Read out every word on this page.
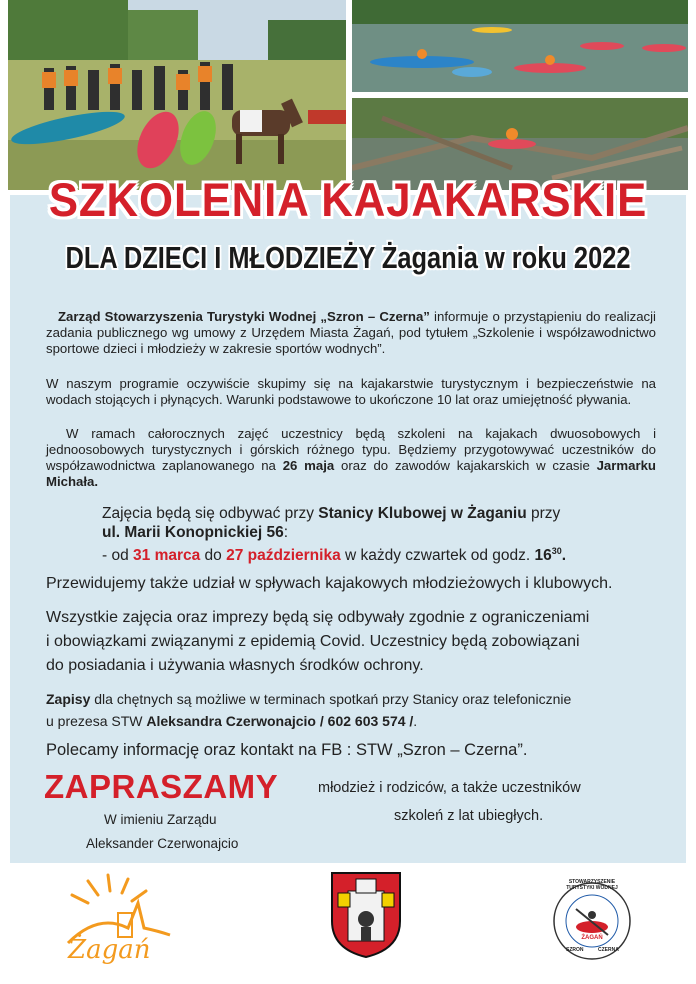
SZKOLENIA KAJAKARSKIE
DLA DZIECI I MŁODZIEŻY Żagania w roku 2022
Zarząd Stowarzyszenia Turystyki Wodnej „Szron – Czerna” informuje o przystąpieniu do realizacji zadania publicznego wg umowy z Urzędem Miasta Żagań, pod tytułem „Szkolenie i współzawodnictwo sportowe dzieci i młodzieży w zakresie sportów wodnych”.
W naszym programie oczywiście skupimy się na kajakarstwie turystycznym i bezpieczeństwie na wodach stojących i płynących. Warunki podstawowe to ukończone 10 lat oraz umiejętność pływania.
W ramach całorocznych zajęć uczestnicy będą szkoleni na kajakach dwuosobowych i jednoosobowych turystycznych i górskich różnego typu. Będziemy przygotowywać uczestników do współzawodnictwa zaplanowanego na 26 maja oraz do zawodów kajakarskich w czasie Jarmarku Michała.
Zajęcia będą się odbywać przy Stanicy Klubowej w Żaganiu przy
ul. Marii Konopnickiej 56:
- od 31 marca do 27 października w każdy czwartek od godz. $16^{30}$.
Przewidujemy także udział w spływach kajakowych młodzieżowych i klubowych.
Wszystkie zajęcia oraz imprezy będą się odbywały zgodnie z ograniczeniami
i obowiązkami związanymi z epidemią Covid. Uczestnicy będą zobowiązani
do posiadania i używania własnych środków ochrony.
Zapisy dla chętnych są możliwe w terminach spotkań przy Stanicy oraz telefonicznie
u prezesa STW Aleksandra Czerwonajcio / 602 603 574 /.
Polecamy informację oraz kontakt na FB : STW „Szron – Czerna”.
ZAPRASZAMY	młodzież i rodziców, a także uczestników
szkoleń z lat ubiegłych.
W imieniu Zarządu
Aleksander Czerwonajcio
Żagań
STOWARZYSZENIE TURYSTYKI WODNEJ
ŻAGAŃ
SZRON	CZERNA
